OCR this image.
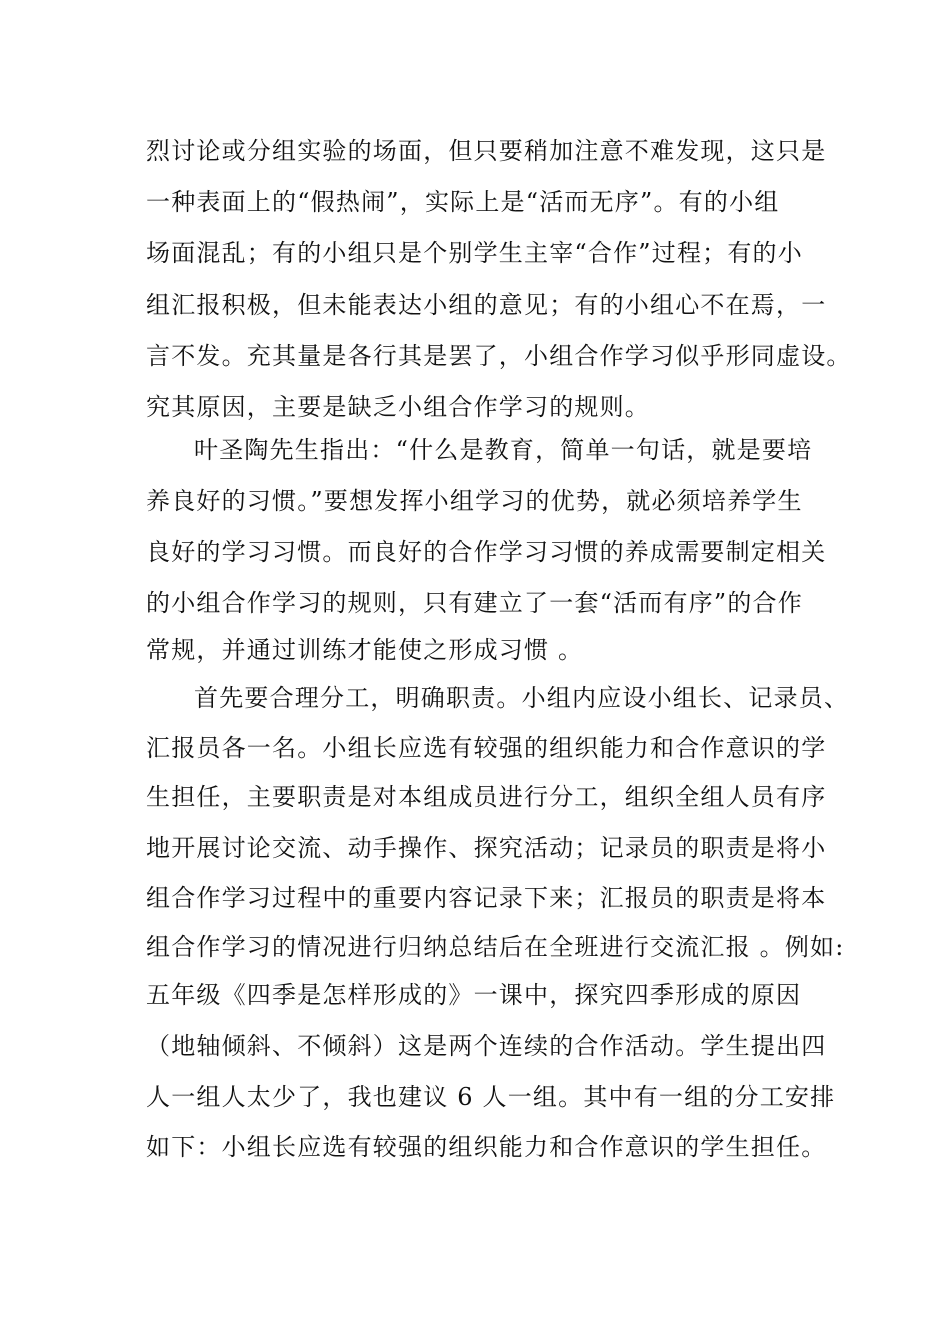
烈讨论或分组实验的场面，但只要稍加注意不难发现，这只是
一种表面上的“假热闹”，实际上是“活而无序”。有的小组
场面混乱；有的小组只是个别学生主宰“合作”过程；有的小
组汇报积极，但未能表达小组的意见；有的小组心不在焉，一
言不发。充其量是各行其是罢了，小组合作学习似乎形同虚设。
究其原因，主要是缺乏小组合作学习的规则。
叶圣陶先生指出：“什么是教育，简单一句话，就是要培
养良好的习惯。”要想发挥小组学习的优势，就必须培养学生
良好的学习习惯。而良好的合作学习习惯的养成需要制定相关
的小组合作学习的规则，只有建立了一套“活而有序”的合作
常规，并通过训练才能使之形成习惯 。
首先要合理分工，明确职责。小组内应设小组长、记录员、
汇报员各一名。小组长应选有较强的组织能力和合作意识的学
生担任，主要职责是对本组成员进行分工，组织全组人员有序
地开展讨论交流、动手操作、探究活动；记录员的职责是将小
组合作学习过程中的重要内容记录下来；汇报员的职责是将本
组合作学习的情况进行归纳总结后在全班进行交流汇报 。例如:
五年级《四季是怎样形成的》一课中，探究四季形成的原因
（地轴倾斜、不倾斜）这是两个连续的合作活动。学生提出四
人一组人太少了，我也建议 6 人一组。其中有一组的分工安排
如下：小组长应选有较强的组织能力和合作意识的学生担任。
